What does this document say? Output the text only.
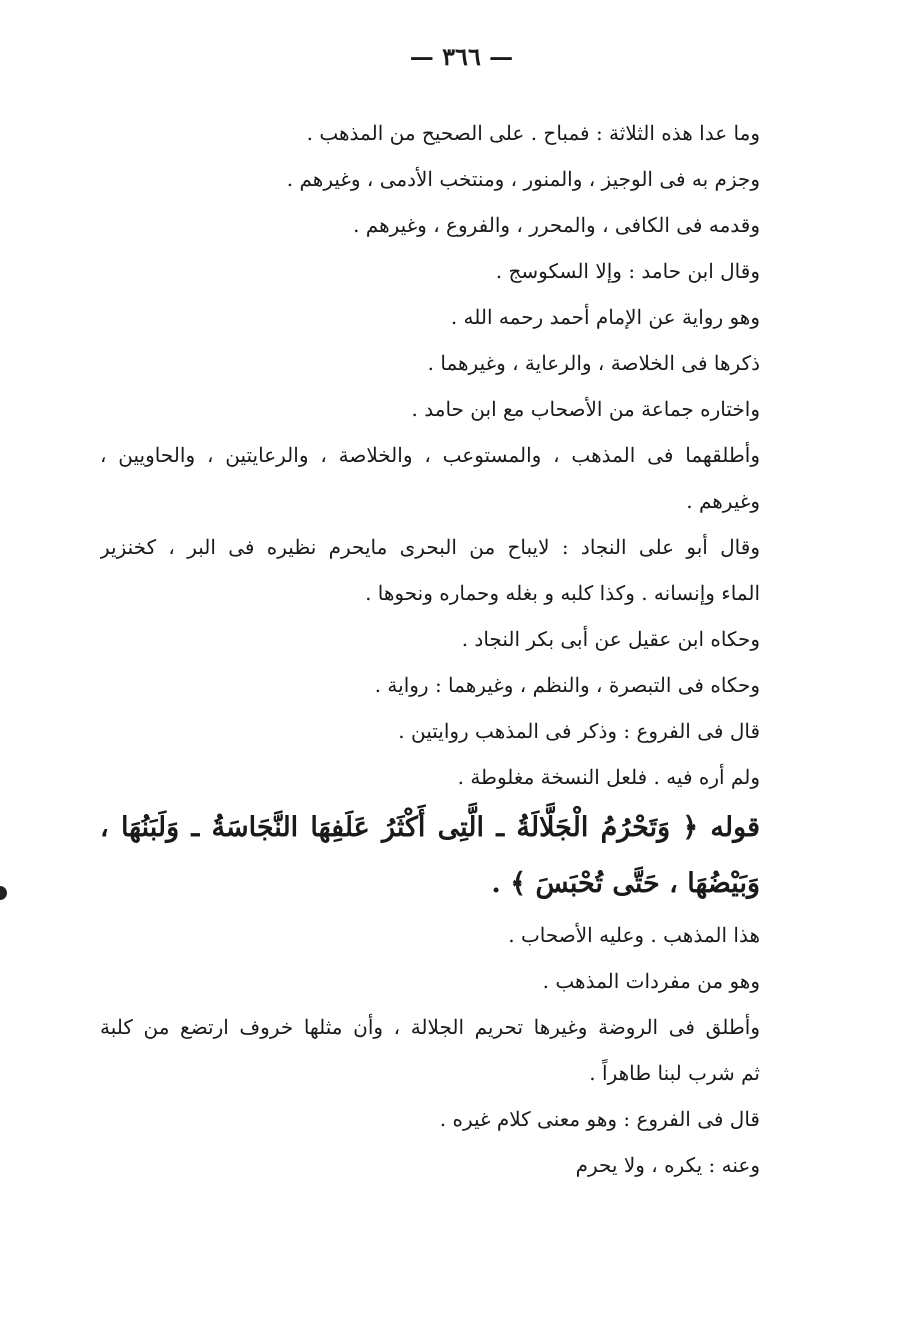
— ٣٦٦ —
وما عدا هذه الثلاثة : فمباح . على الصحيح من المذهب .
وجزم به فى الوجيز ، والمنور ، ومنتخب الأدمى ، وغيرهم .
وقدمه فى الكافى ، والمحرر ، والفروع ، وغيرهم .
وقال ابن حامد : وإلا السكوسج .
وهو رواية عن الإمام أحمد رحمه الله .
ذكرها فى الخلاصة ، والرعاية ، وغيرهما .
واختاره جماعة من الأصحاب مع ابن حامد .
وأطلقهما فى المذهب ، والمستوعب ، والخلاصة ، والرعايتين ، والحاويين ،
وغيرهم .
وقال أبو على النجاد : لايباح من البحرى مايحرم نظيره فى البر ، كخنزير
الماء وإنسانه . وكذا كلبه و بغله وحماره ونحوها .
وحكاه ابن عقيل عن أبى بكر النجاد .
وحكاه فى التبصرة ، والنظم ، وغيرهما : رواية .
قال فى الفروع : وذكر فى المذهب روايتين .
ولم أره فيه . فلعل النسخة مغلوطة .
قوله ﴿ وَتَحْرُمُ الْجَلَّالَةُ ـ الَّتِى أَكْثَرُ عَلَفِهَا النَّجَاسَةُ ـ وَلَبَنُهَا ،
وَبَيْضُهَا ، حَتَّى تُحْبَسَ ﴾ .
هذا المذهب . وعليه الأصحاب .
وهو من مفردات المذهب .
وأطلق فى الروضة وغيرها تحريم الجلالة ، وأن مثلها خروف ارتضع من كلبة
ثم شرب لبنا طاهراً .
قال فى الفروع : وهو معنى كلام غيره .
وعنه : يكره ، ولا يحرم
